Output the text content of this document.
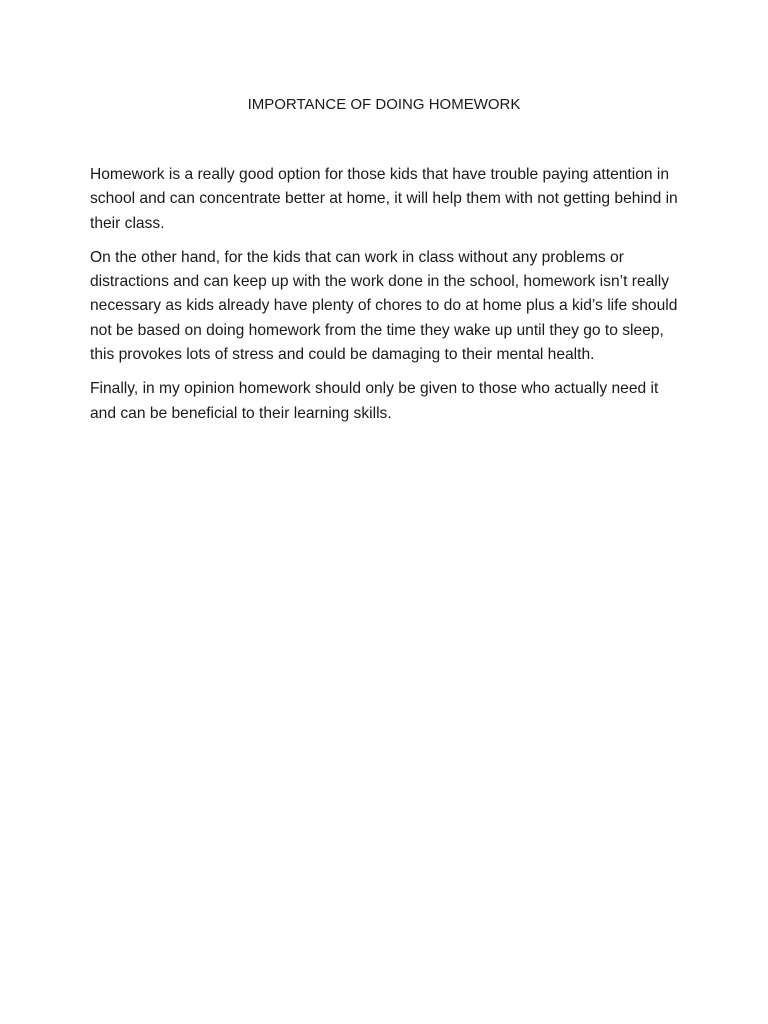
IMPORTANCE OF DOING HOMEWORK

Homework is a really good option for those kids that have trouble paying attention in school and can concentrate better at home, it will help them with not getting behind in their class.

On the other hand, for the kids that can work in class without any problems or distractions and can keep up with the work done in the school, homework isn’t really necessary as kids already have plenty of chores to do at home plus a kid’s life should not be based on doing homework from the time they wake up until they go to sleep, this provokes lots of stress and could be damaging to their mental health.

Finally, in my opinion homework should only be given to those who actually need it and can be beneficial to their learning skills.
